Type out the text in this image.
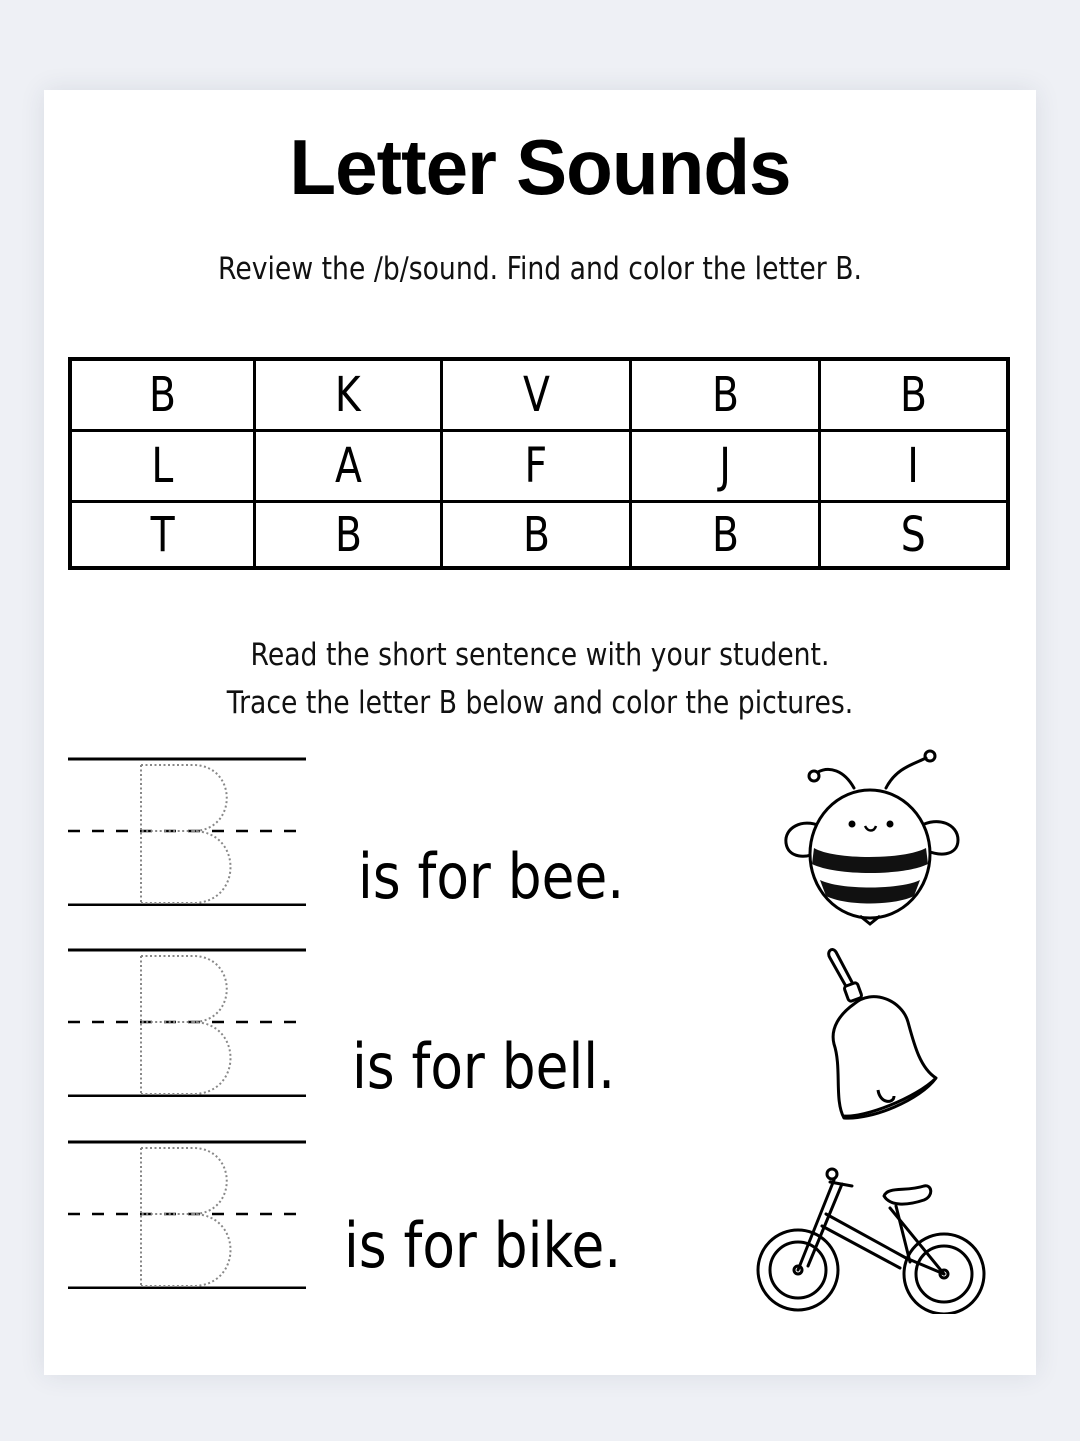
Letter Sounds
Review the /b/sound. Find and color the letter B.
B	K	V	B	B
L	A	F	J	I
T	B	B	B	S
Read the short sentence with your student.
Trace the letter B below and color the pictures.
is for bee.
is for bell.
is for bike.
